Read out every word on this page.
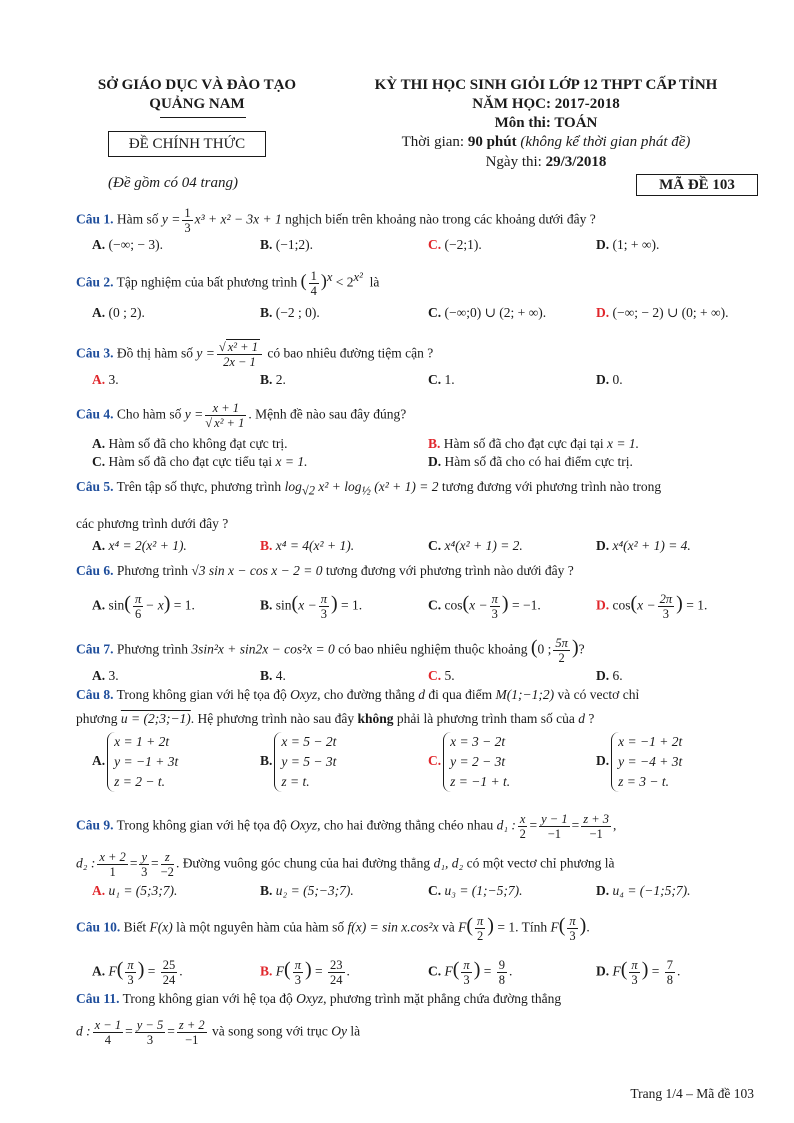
SỞ GIÁO DỤC VÀ ĐÀO TẠO
QUẢNG NAM
ĐỀ CHÍNH THỨC
(Đề gồm có 04 trang)
KỲ THI HỌC SINH GIỎI LỚP 12 THPT CẤP TỈNH
NĂM HỌC: 2017-2018
Môn thi: TOÁN
Thời gian: 90 phút (không kể thời gian phát đề)
Ngày thi: 29/3/2018
MÃ ĐỀ 103
Câu 1. Hàm số $y = \frac{1}{3} x^3 + x^2 - 3x + 1$ nghịch biến trên khoảng nào trong các khoảng dưới đây ?
A. (−∞; − 3).	B. (−1;2).	C. (−2;1).	D. (1; + ∞).
Câu 2. Tập nghiệm của bất phương trình ( $\frac{1}{4} )^x < 2^{x^2}$ là
A. (0 ; 2).	B. (−2 ; 0).	C. (−∞;0) ∪ (2; + ∞).	D. (−∞; − 2) ∪ (0; + ∞).
Câu 3. Đồ thị hàm số $y = \frac{\text{√ x² + 1}}{2x - 1}$ có bao nhiêu đường tiệm cận ?
A. 3.	B. 2.	C. 1.	D. 0.
Câu 4. Cho hàm số $y = \frac{x + 1}{\text{√ x² + 1}}$ . Mệnh đề nào sau đây đúng?
A. Hàm số đã cho không đạt cực trị.	B. Hàm số đã cho đạt cực đại tại x = 1.
C. Hàm số đã cho đạt cực tiểu tại x = 1.	D. Hàm số đã cho có hai điểm cực trị.
Câu 5. Trên tập số thực, phương trình $\log_{√2} x^2 + \log_{\frac{1}{2}} (x^2 + 1) = 2$ tương đương với phương trình nào trong
các phương trình dưới đây ?
A. x⁴ = 2(x² + 1).	B. x⁴ = 4(x² + 1).	C. x⁴(x² + 1) = 2.	D. x⁴(x² + 1) = 4.
Câu 6. Phương trình √3 sin x − cos x − 2 = 0 tương đương với phương trình nào dưới đây ?
A. $\sin( \frac{\pi}{6} - x) = 1$.	B. $\sin(x - \frac{\pi}{3}$ ) = 1.	C. $\cos(x - \frac{\pi}{3}$ ) = −1.	D. $\cos(x - \frac{2\pi}{3}$ ) = 1.
Câu 7. Phương trình 3sin²x + sin2x − cos²x = 0 có bao nhiêu nghiệm thuộc khoảng (0 ; $\frac{5\pi}{2}$ )?
A. 3.	B. 4.	C. 5.	D. 6.
Câu 8. Trong không gian với hệ tọa độ Oxyz, cho đường thẳng d đi qua điểm M(1;−1;2) và có vectơ chỉ
phương u = (2;3;−1). Hệ phương trình nào sau đây không phải là phương trình tham số của d ?
A.
x = 1 + 2t
y = −1 + 3t
z = 2 − t.
B.
x = 5 − 2t
y = 5 − 3t
z = t.
C.
x = 3 − 2t
y = 2 − 3t
z = −1 + t.
D.
x = −1 + 2t
y = −4 + 3t
z = 3 − t.
Câu 9. Trong không gian với hệ tọa độ Oxyz, cho hai đường thẳng chéo nhau d₁ : $\frac{x}{2} = \frac{y - 1}{-1} = \frac{z + 3}{-1}$ ,
d₂ : $\frac{x + 2}{1} = \frac{y}{3} = \frac{z}{-2}$ . Đường vuông góc chung của hai đường thẳng d₁, d₂ có một vectơ chỉ phương là
A. u₁ = (5;3;7).	B. u₂ = (5;−3;7).	C. u₃ = (1;−5;7).	D. u₄ = (−1;5;7).
Câu 10. Biết F(x) là một nguyên hàm của hàm số f(x) = sin x.cos²x và $F( \frac{\pi}{2}$ ) = 1. Tính $F( \frac{\pi}{3}$ ).
A. $F( \frac{\pi}{3}$ ) = $\frac{25}{24}$ .	B. $F( \frac{\pi}{3}$ ) = $\frac{23}{24}$ .	C. $F( \frac{\pi}{3}$ ) = $\frac{9}{8}$ .	D. $F( \frac{\pi}{3}$ ) = $\frac{7}{8}$ .
Câu 11. Trong không gian với hệ tọa độ Oxyz, phương trình mặt phẳng chứa đường thẳng
d : $\frac{x - 1}{4} = \frac{y - 5}{3} = \frac{z + 2}{-1}$ và song song với trục Oy là
Trang 1/4 – Mã đề 103
